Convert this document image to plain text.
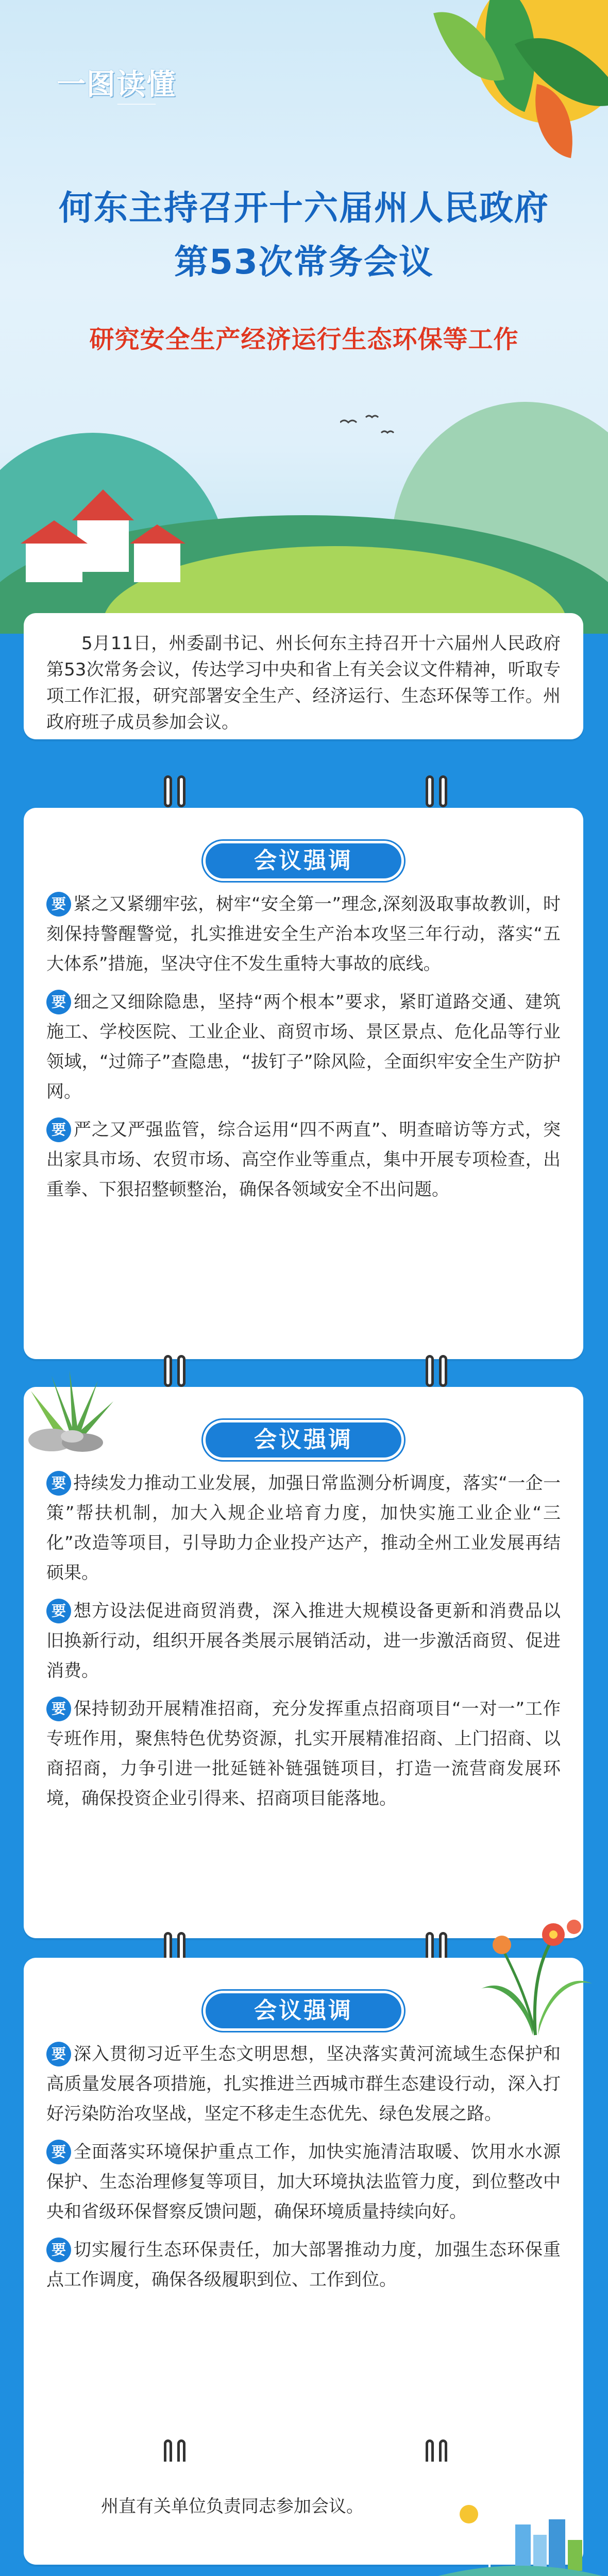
一图读懂
何东主持召开十六届州人民政府
第53次常务会议
研究安全生产经济运行生态环保等工作

5月11日，州委副书记、州长何东主持召开十六届州人民政府第53次常务会议，传达学习中央和省上有关会议文件精神，听取专项工作汇报，研究部署安全生产、经济运行、生态环保等工作。州政府班子成员参加会议。

会议强调

要 紧之又紧绷牢弦，树牢“安全第一”理念,深刻汲取事故教训，时刻保持警醒警觉，扎实推进安全生产治本攻坚三年行动，落实“五大体系”措施，坚决守住不发生重特大事故的底线。

要 细之又细除隐患，坚持“两个根本”要求，紧盯道路交通、建筑施工、学校医院、工业企业、商贸市场、景区景点、危化品等行业领域，“过筛子”查隐患，“拔钉子”除风险，全面织牢安全生产防护网。

要 严之又严强监管，综合运用“四不两直”、明查暗访等方式，突出家具市场、农贸市场、高空作业等重点，集中开展专项检查，出重拳、下狠招整顿整治，确保各领域安全不出问题。

会议强调

要 持续发力推动工业发展，加强日常监测分析调度，落实“一企一策”帮扶机制，加大入规企业培育力度，加快实施工业企业“三化”改造等项目，引导助力企业投产达产，推动全州工业发展再结硕果。

要 想方设法促进商贸消费，深入推进大规模设备更新和消费品以旧换新行动，组织开展各类展示展销活动，进一步激活商贸、促进消费。

要 保持韧劲开展精准招商，充分发挥重点招商项目“一对一”工作专班作用，聚焦特色优势资源，扎实开展精准招商、上门招商、以商招商，力争引进一批延链补链强链项目，打造一流营商发展环境，确保投资企业引得来、招商项目能落地。

会议强调

要 深入贯彻习近平生态文明思想，坚决落实黄河流域生态保护和高质量发展各项措施，扎实推进兰西城市群生态建设行动，深入打好污染防治攻坚战，坚定不移走生态优先、绿色发展之路。

要 全面落实环境保护重点工作，加快实施清洁取暖、饮用水水源保护、生态治理修复等项目，加大环境执法监管力度，到位整改中央和省级环保督察反馈问题，确保环境质量持续向好。

要 切实履行生态环保责任，加大部署推动力度，加强生态环保重点工作调度，确保各级履职到位、工作到位。

州直有关单位负责同志参加会议。
